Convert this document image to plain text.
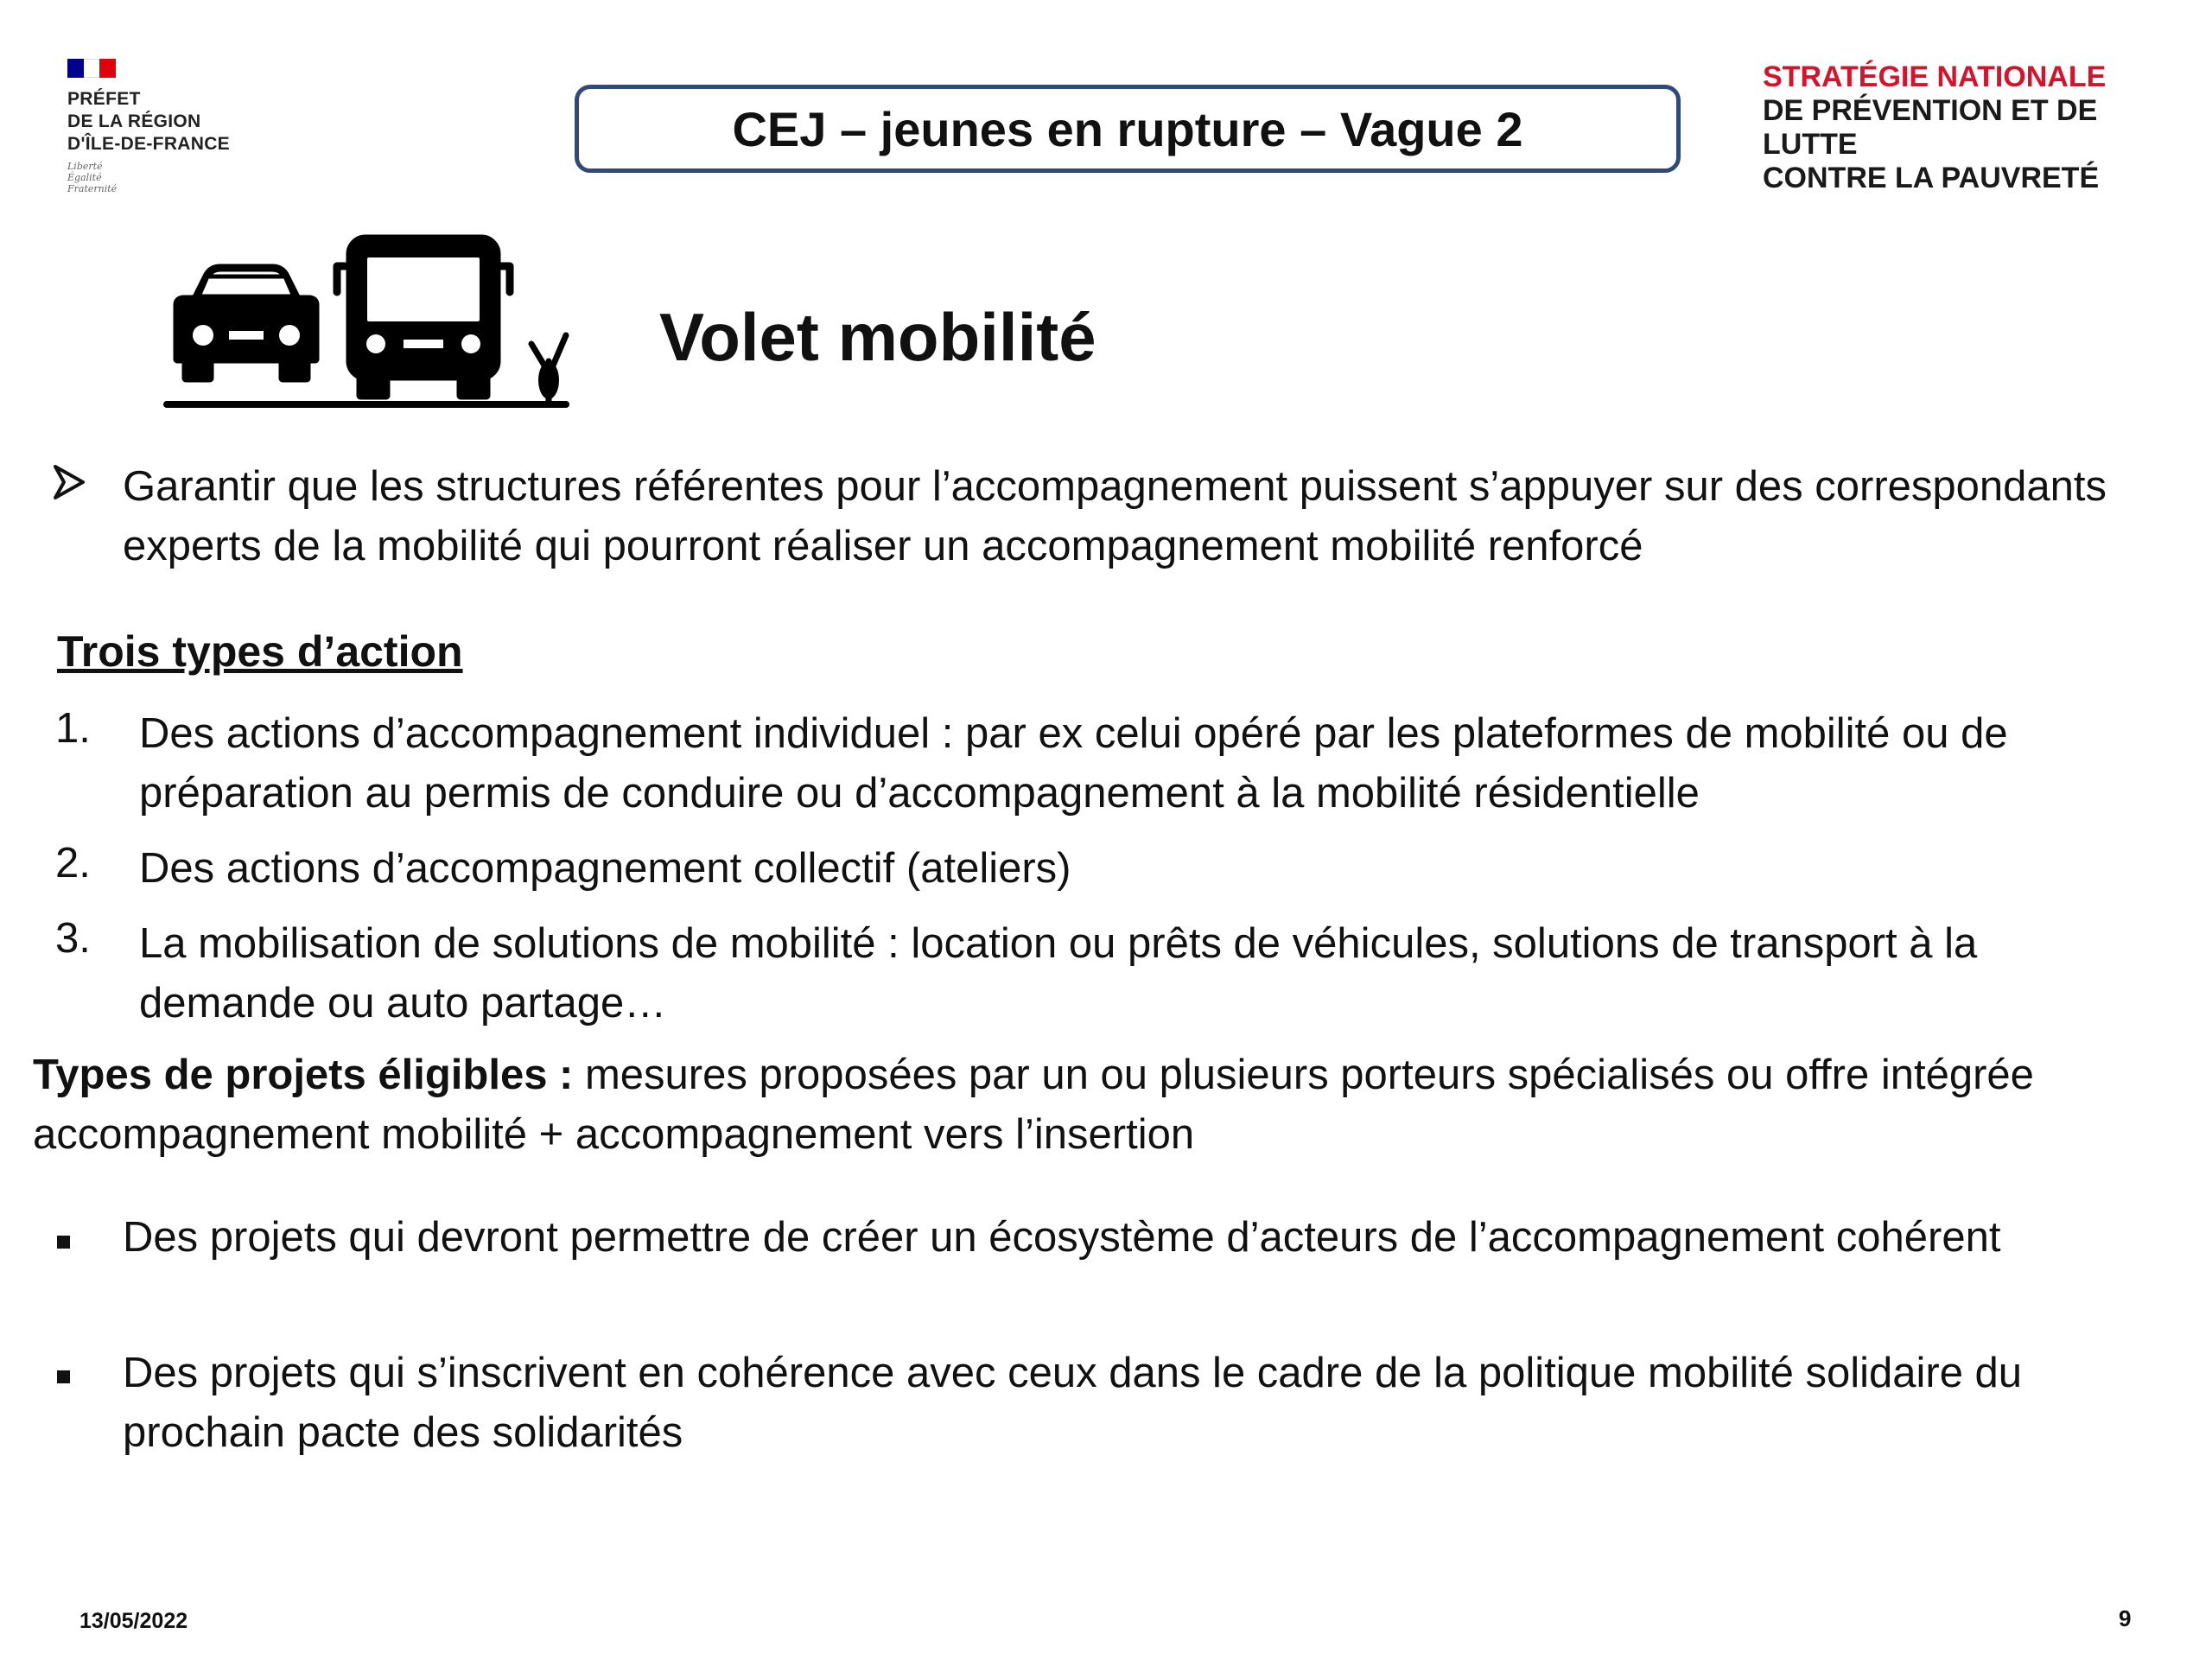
PRÉFET
DE LA RÉGION
D'ÎLE-DE-FRANCE
Liberté
Égalité
Fraternité
CEJ – jeunes en rupture – Vague 2
STRATÉGIE NATIONALE
DE PRÉVENTION ET DE LUTTE
CONTRE LA PAUVRETÉ
Volet mobilité
Garantir que les structures référentes pour l’accompagnement puissent s’appuyer sur des correspondants experts de la mobilité qui pourront réaliser un accompagnement mobilité renforcé
Trois types d’action
1. Des actions d’accompagnement individuel : par ex celui opéré par les plateformes de mobilité ou de préparation au permis de conduire ou d’accompagnement à la mobilité résidentielle
2. Des actions d’accompagnement collectif (ateliers)
3. La mobilisation de solutions de mobilité : location ou prêts de véhicules, solutions de transport à la demande ou auto partage…
Types de projets éligibles : mesures proposées par un ou plusieurs porteurs spécialisés ou offre intégrée accompagnement mobilité + accompagnement vers l’insertion
Des projets qui devront permettre de créer un écosystème d’acteurs de l’accompagnement cohérent
Des projets qui s’inscrivent en cohérence avec ceux dans le cadre de la politique mobilité solidaire du prochain pacte des solidarités
13/05/2022	9
